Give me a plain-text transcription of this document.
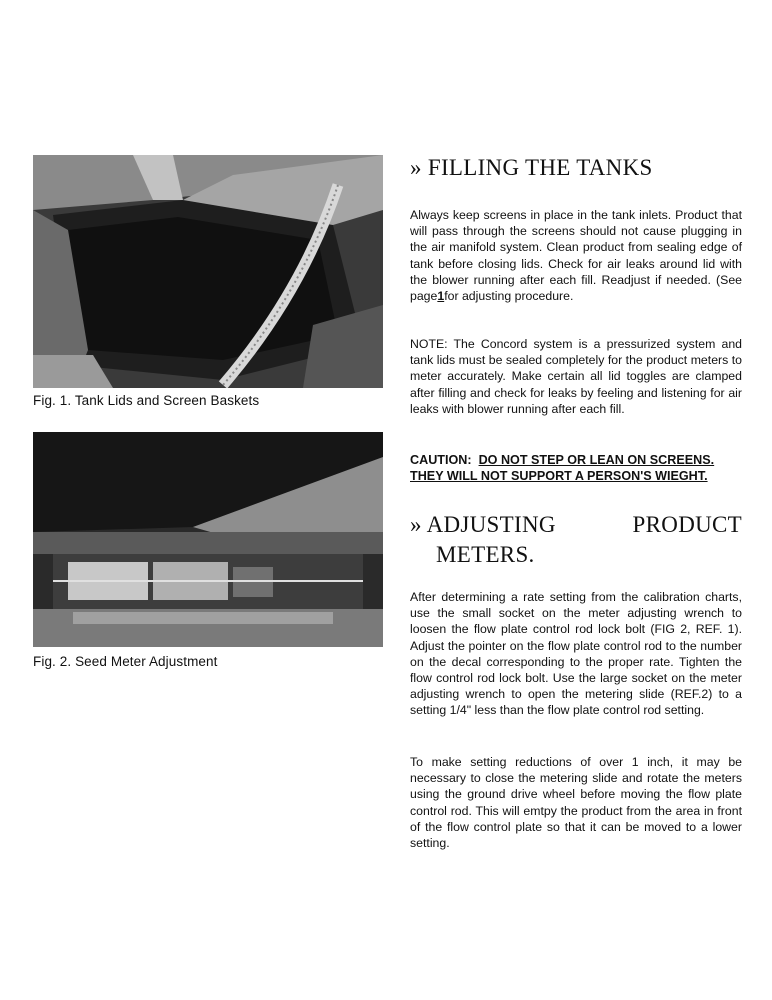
Fig. 1. Tank Lids and Screen Baskets
Fig. 2. Seed Meter Adjustment
» FILLING THE TANKS

Always keep screens in place in the tank inlets. Product that will pass through the screens should not cause plugging in the air manifold system. Clean product from sealing edge of tank before closing lids. Check for air leaks around lid with the blower running after each fill. Readjust if needed. (See page1for adjusting procedure.

NOTE: The Concord system is a pressurized system and tank lids must be sealed completely for the product meters to meter accurately. Make certain all lid toggles are clamped after filling and check for leaks by feeling and listening for air leaks with blower running after each fill.

CAUTION: DO NOT STEP OR LEAN ON SCREENS.
THEY WILL NOT SUPPORT A PERSON'S WIEGHT.

» ADJUSTING	PRODUCT
METERS.

After determining a rate setting from the calibration charts, use the small socket on the meter adjusting wrench to loosen the flow plate control rod lock bolt (FIG 2, REF. 1). Adjust the pointer on the flow plate control rod to the number on the decal corresponding to the proper rate. Tighten the flow control rod lock bolt. Use the large socket on the meter adjusting wrench to open the metering slide (REF.2) to a setting 1/4" less than the flow plate control rod setting.

To make setting reductions of over 1 inch, it may be necessary to close the metering slide and rotate the meters using the ground drive wheel before moving the flow plate control rod. This will emtpy the product from the area in front of the flow control plate so that it can be moved to a lower setting.
